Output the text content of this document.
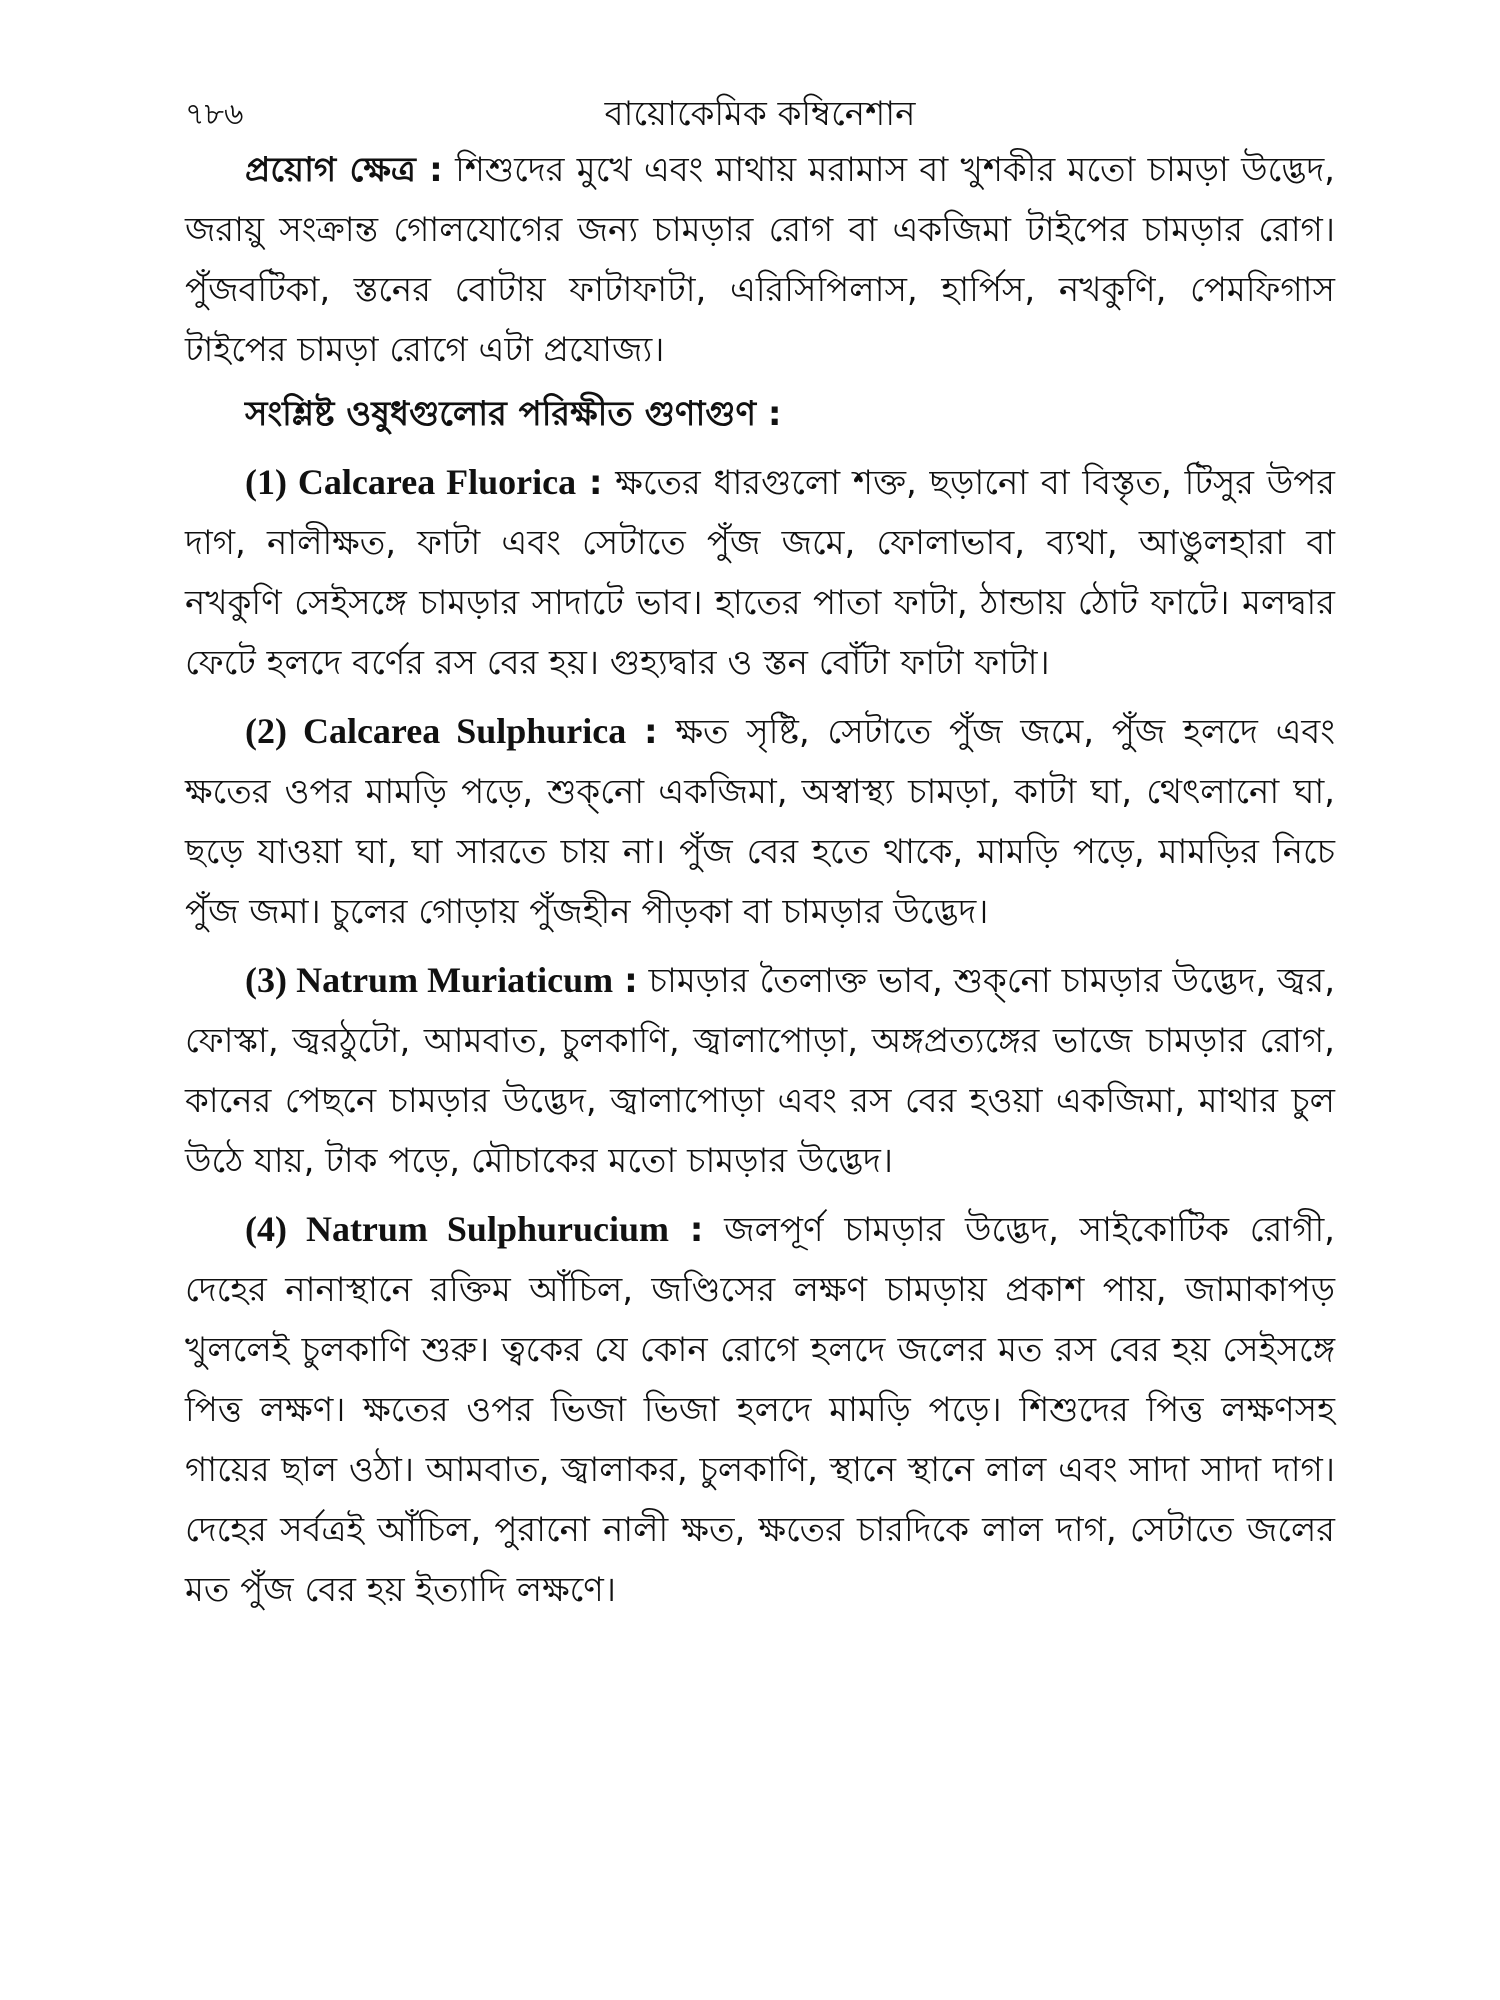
৭৮৬	বায়োকেমিক কম্বিনেশান

প্রয়োগ ক্ষেত্র : শিশুদের মুখে এবং মাথায় মরামাস বা খুশকীর মতো চামড়া উদ্ভেদ, জরায়ু সংক্রান্ত গোলযোগের জন্য চামড়ার রোগ বা একজিমা টাইপের চামড়ার রোগ। পুঁজবটিকা, স্তনের বোটায় ফাটাফাটা, এরিসিপিলাস, হার্পিস, নখকুণি, পেমফিগাস টাইপের চামড়া রোগে এটা প্রযোজ্য।

সংশ্লিষ্ট ওষুধগুলোর পরিক্ষীত গুণাগুণ :

(1) Calcarea Fluorica : ক্ষতের ধারগুলো শক্ত, ছড়ানো বা বিস্তৃত, টিসুর উপর দাগ, নালীক্ষত, ফাটা এবং সেটাতে পুঁজ জমে, ফোলাভাব, ব্যথা, আঙুলহারা বা নখকুণি সেইসঙ্গে চামড়ার সাদাটে ভাব। হাতের পাতা ফাটা, ঠান্ডায় ঠোট ফাটে। মলদ্বার ফেটে হলদে বর্ণের রস বের হয়। গুহ্যদ্বার ও স্তন বোঁটা ফাটা ফাটা।

(2) Calcarea Sulphurica : ক্ষত সৃষ্টি, সেটাতে পুঁজ জমে, পুঁজ হলদে এবং ক্ষতের ওপর মামড়ি পড়ে, শুক্‌নো একজিমা, অস্বাস্থ্য চামড়া, কাটা ঘা, থেৎলানো ঘা, ছড়ে যাওয়া ঘা, ঘা সারতে চায় না। পুঁজ বের হতে থাকে, মামড়ি পড়ে, মামড়ির নিচে পুঁজ জমা। চুলের গোড়ায় পুঁজহীন পীড়কা বা চামড়ার উদ্ভেদ।

(3) Natrum Muriaticum : চামড়ার তৈলাক্ত ভাব, শুক্‌নো চামড়ার উদ্ভেদ, জ্বর, ফোস্কা, জ্বরঠুটো, আমবাত, চুলকাণি, জ্বালাপোড়া, অঙ্গপ্রত্যঙ্গের ভাজে চামড়ার রোগ, কানের পেছনে চামড়ার উদ্ভেদ, জ্বালাপোড়া এবং রস বের হওয়া একজিমা, মাথার চুল উঠে যায়, টাক পড়ে, মৌচাকের মতো চামড়ার উদ্ভেদ।

(4) Natrum Sulphurucium : জলপূর্ণ চামড়ার উদ্ভেদ, সাইকোটিক রোগী, দেহের নানাস্থানে রক্তিম আঁচিল, জণ্ডিসের লক্ষণ চামড়ায় প্রকাশ পায়, জামাকাপড় খুললেই চুলকাণি শুরু। ত্বকের যে কোন রোগে হলদে জলের মত রস বের হয় সেইসঙ্গে পিত্ত লক্ষণ। ক্ষতের ওপর ভিজা ভিজা হলদে মামড়ি পড়ে। শিশুদের পিত্ত লক্ষণসহ গায়ের ছাল ওঠা। আমবাত, জ্বালাকর, চুলকাণি, স্থানে স্থানে লাল এবং সাদা সাদা দাগ। দেহের সর্বত্রই আঁচিল, পুরানো নালী ক্ষত, ক্ষতের চারদিকে লাল দাগ, সেটাতে জলের মত পুঁজ বের হয় ইত্যাদি লক্ষণে।
